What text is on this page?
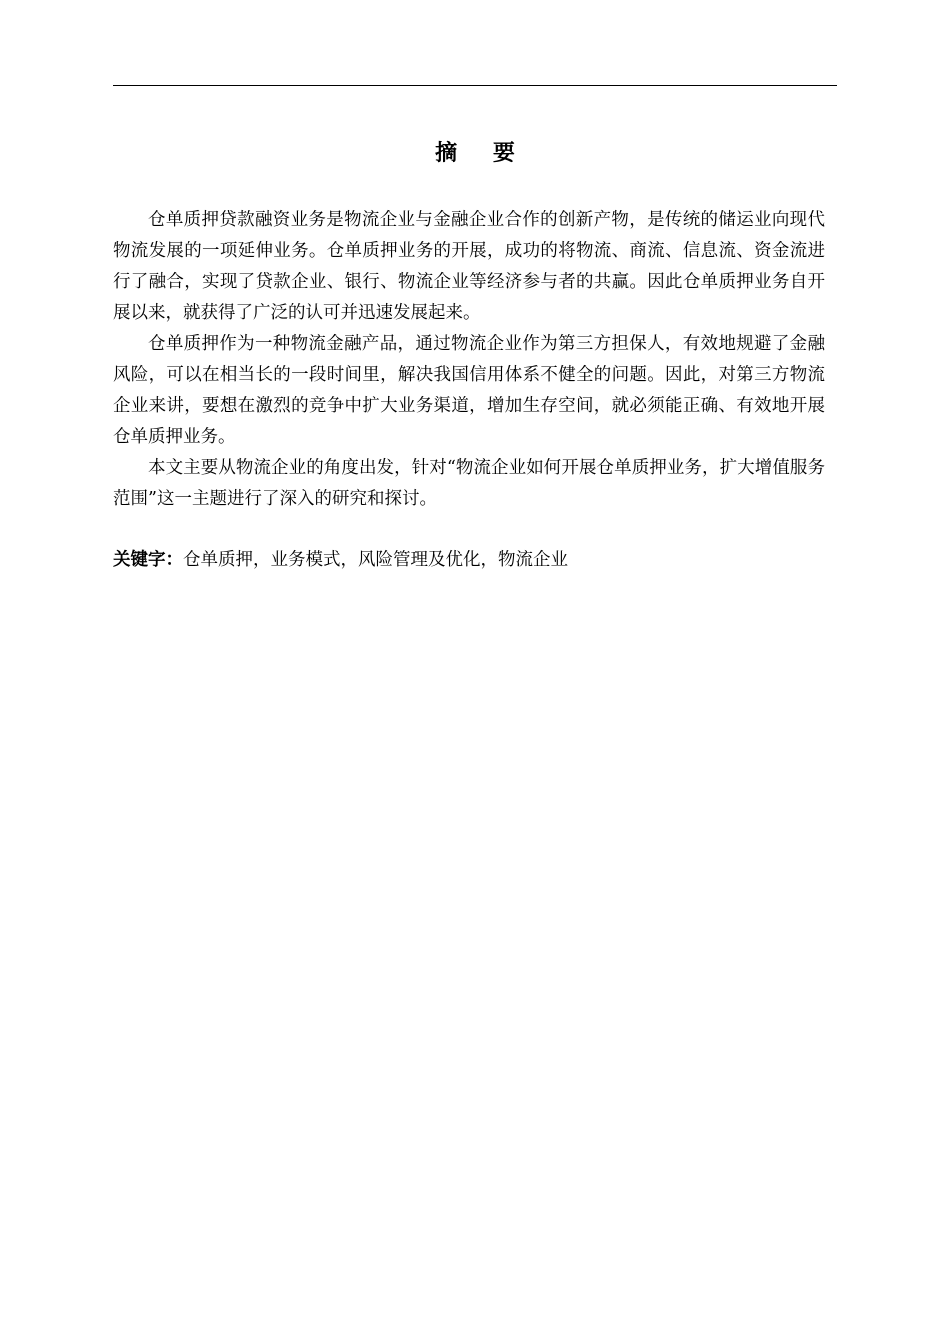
摘 要

仓单质押贷款融资业务是物流企业与金融企业合作的创新产物，是传统的储运业向现代物流发展的一项延伸业务。仓单质押业务的开展，成功的将物流、商流、信息流、资金流进行了融合，实现了贷款企业、银行、物流企业等经济参与者的共赢。因此仓单质押业务自开展以来，就获得了广泛的认可并迅速发展起来。

仓单质押作为一种物流金融产品，通过物流企业作为第三方担保人，有效地规避了金融风险，可以在相当长的一段时间里，解决我国信用体系不健全的问题。因此，对第三方物流企业来讲，要想在激烈的竞争中扩大业务渠道，增加生存空间，就必须能正确、有效地开展仓单质押业务。

本文主要从物流企业的角度出发，针对“物流企业如何开展仓单质押业务，扩大增值服务范围”这一主题进行了深入的研究和探讨。

关键字：仓单质押，业务模式，风险管理及优化，物流企业
